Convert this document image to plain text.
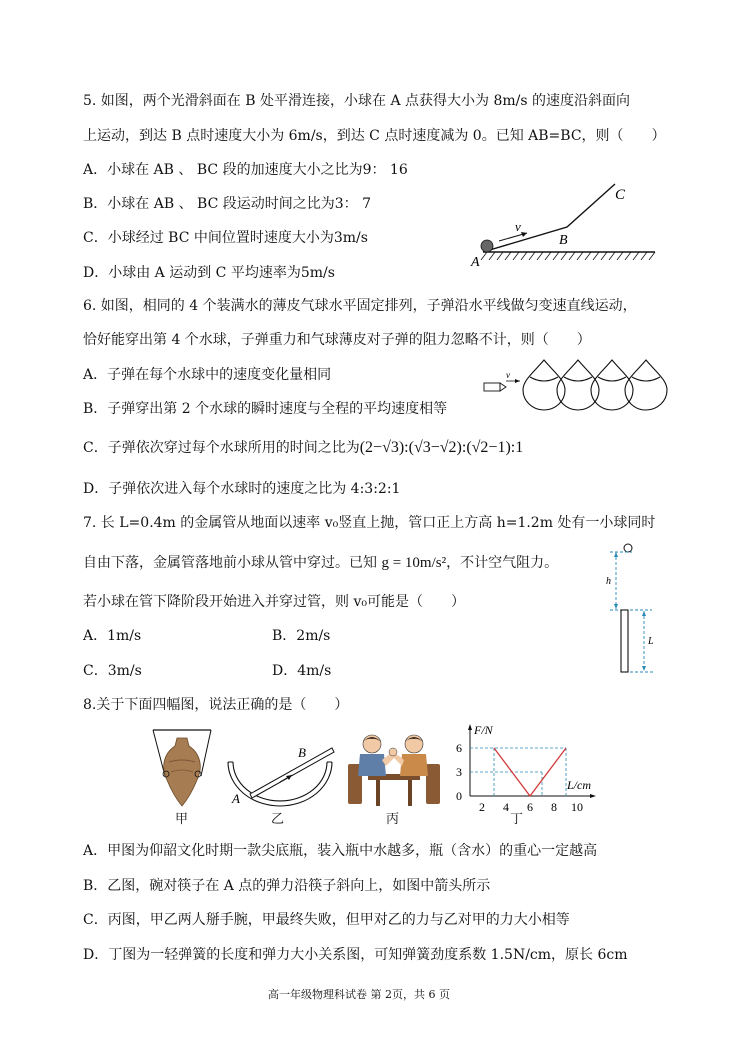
5. 如图，两个光滑斜面在 B 处平滑连接，小球在 A 点获得大小为 8m/s 的速度沿斜面向
上运动，到达 B 点时速度大小为 6m/s，到达 C 点时速度减为 0。已知 AB=BC，则（　　）
A．小球在 AB 、 BC 段的加速度大小之比为9： 16
B．小球在 AB 、 BC 段运动时间之比为3： 7
C．小球经过 BC 中间位置时速度大小为3m/s
D．小球由 A 运动到 C 平均速率为5m/s
v
B
C
A
6. 如图，相同的 4 个装满水的薄皮气球水平固定排列，子弹沿水平线做匀变速直线运动，
恰好能穿出第 4 个水球，子弹重力和气球薄皮对子弹的阻力忽略不计，则（　　）
A．子弹在每个水球中的速度变化量相同
B．子弹穿出第 2 个水球的瞬时速度与全程的平均速度相等
C．子弹依次穿过每个水球所用的时间之比为(2−√3):(√3−√2):(√2−1):1
D．子弹依次进入每个水球时的速度之比为 4:3:2:1
v
7. 长 L=0.4m 的金属管从地面以速率 v₀竖直上抛，管口正上方高 h=1.2m 处有一小球同时
自由下落，金属管落地前小球从管中穿过。已知 g = 10m/s²，不计空气阻力。
若小球在管下降阶段开始进入并穿过管，则 v₀可能是（　　）
A．1m/s	B．2m/s
C．3m/s	D．4m/s
h
L
8.关于下面四幅图，说法正确的是（　　）
甲
B
A
乙	丙
F/N
L/cm
6
3
0
2 4 6 8 10
丁
A．甲图为仰韶文化时期一款尖底瓶，装入瓶中水越多，瓶（含水）的重心一定越高
B．乙图，碗对筷子在 A 点的弹力沿筷子斜向上，如图中箭头所示
C．丙图，甲乙两人掰手腕，甲最终失败，但甲对乙的力与乙对甲的力大小相等
D．丁图为一轻弹簧的长度和弹力大小关系图，可知弹簧劲度系数 1.5N/cm，原长 6cm
高一年级物理科试卷 第 2页，共 6 页
